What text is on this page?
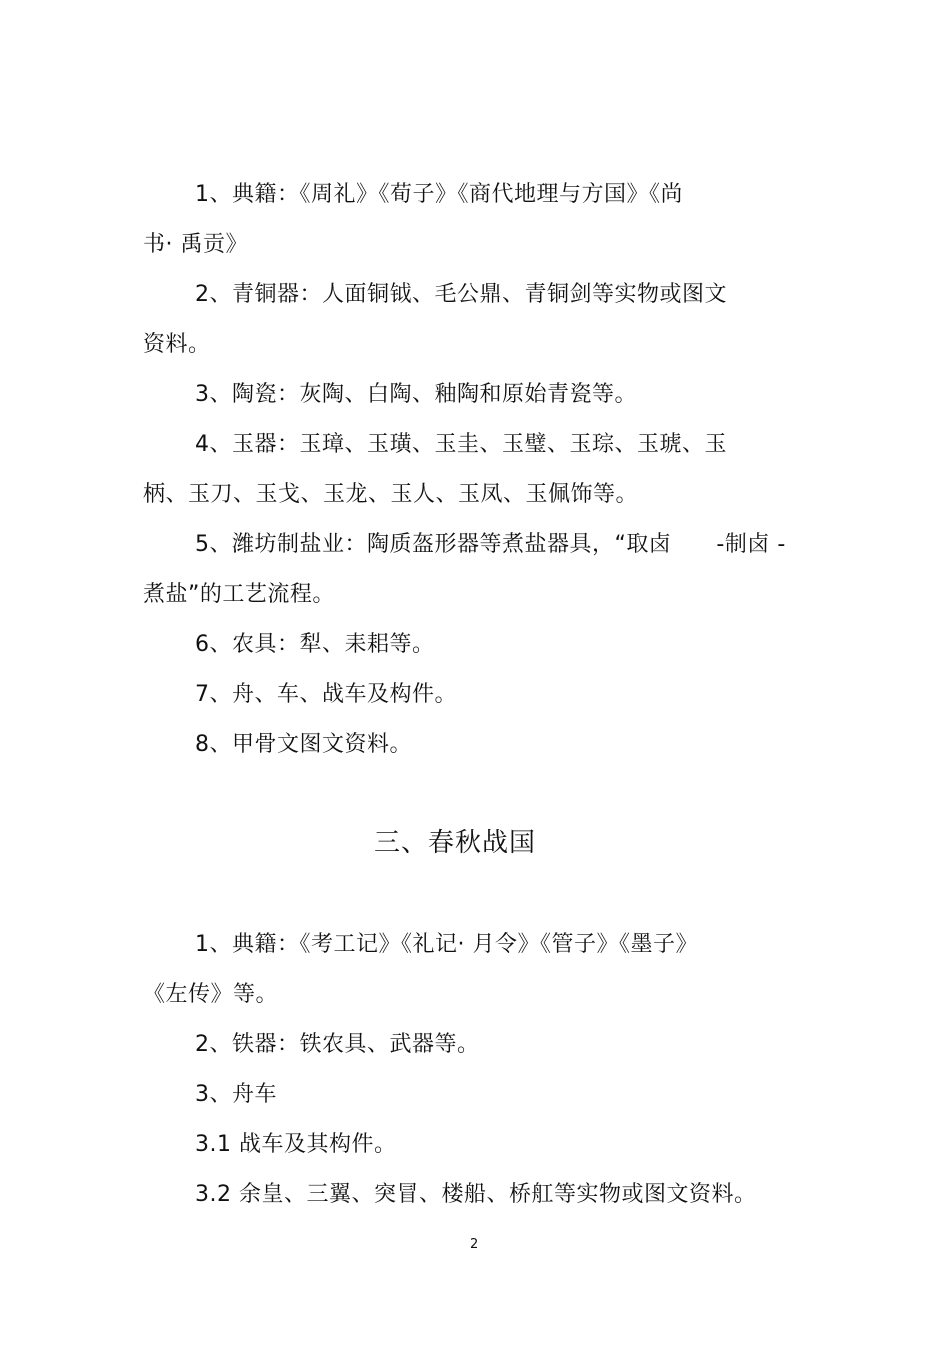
1、典籍：《周礼》《荀子》《商代地理与方国》《尚
书· 禹贡》
2、青铜器：人面铜钺、毛公鼎、青铜剑等实物或图文
资料。
3、陶瓷：灰陶、白陶、釉陶和原始青瓷等。
4、玉器：玉璋、玉璜、玉圭、玉璧、玉琮、玉琥、玉
柄、玉刀、玉戈、玉龙、玉人、玉凤、玉佩饰等。
5、潍坊制盐业：陶质盔形器等煮盐器具，“取卤　　-制卤 -
煮盐”的工艺流程。
6、农具：犁、耒耜等。
7、舟、车、战车及构件。
8、甲骨文图文资料。
三、春秋战国
1、典籍：《考工记》《礼记· 月令》《管子》《墨子》
《左传》等。
2、铁器：铁农具、武器等。
3、舟车
3.1 战车及其构件。
3.2 余皇、三翼、突冒、楼船、桥舡等实物或图文资料。
2
